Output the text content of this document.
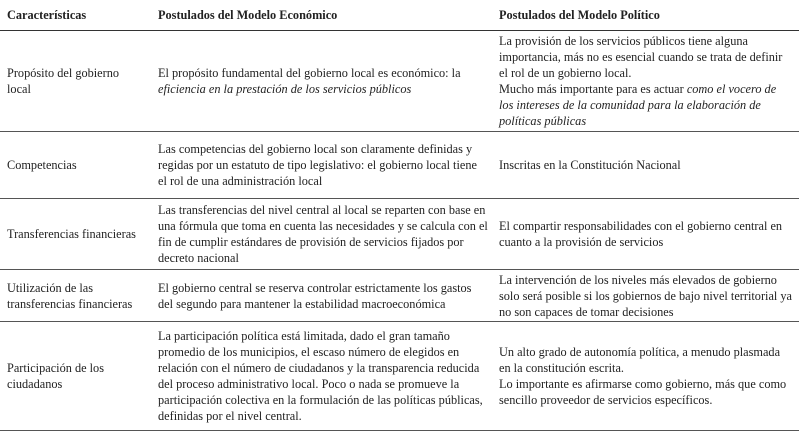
Características	Postulados del Modelo Económico	Postulados del Modelo Político
Propósito del gobierno local
El propósito fundamental del gobierno local es económico: la eficiencia en la prestación de los servicios públicos
La provisión de los servicios públicos tiene alguna importancia, más no es esencial cuando se trata de definir el rol de un gobierno local.
Mucho más importante para es actuar como el vocero de los intereses de la comunidad para la elaboración de políticas públicas
Competencias
Las competencias del gobierno local son claramente definidas y regidas por un estatuto de tipo legislativo: el gobierno local tiene el rol de una administración local
Inscritas en la Constitución Nacional
Transferencias financieras
Las transferencias del nivel central al local se reparten con base en una fórmula que toma en cuenta las necesidades y se calcula con el fin de cumplir estándares de provisión de servicios fijados por decreto nacional
El compartir responsabilidades con el gobierno central en cuanto a la provisión de servicios
Utilización de las transferencias financieras
El gobierno central se reserva controlar estrictamente los gastos del segundo para mantener la estabilidad macroeconómica
La intervención de los niveles más elevados de gobierno solo será posible si los gobiernos de bajo nivel territorial ya no son capaces de tomar decisiones
Participación de los ciudadanos
La participación política está limitada, dado el gran tamaño promedio de los municipios, el escaso número de elegidos en relación con el número de ciudadanos y la transparencia reducida del proceso administrativo local. Poco o nada se promueve la participación colectiva en la formulación de las políticas públicas, definidas por el nivel central.
Un alto grado de autonomía política, a menudo plasmada en la constitución escrita.
Lo importante es afirmarse como gobierno, más que como sencillo proveedor de servicios específicos.
